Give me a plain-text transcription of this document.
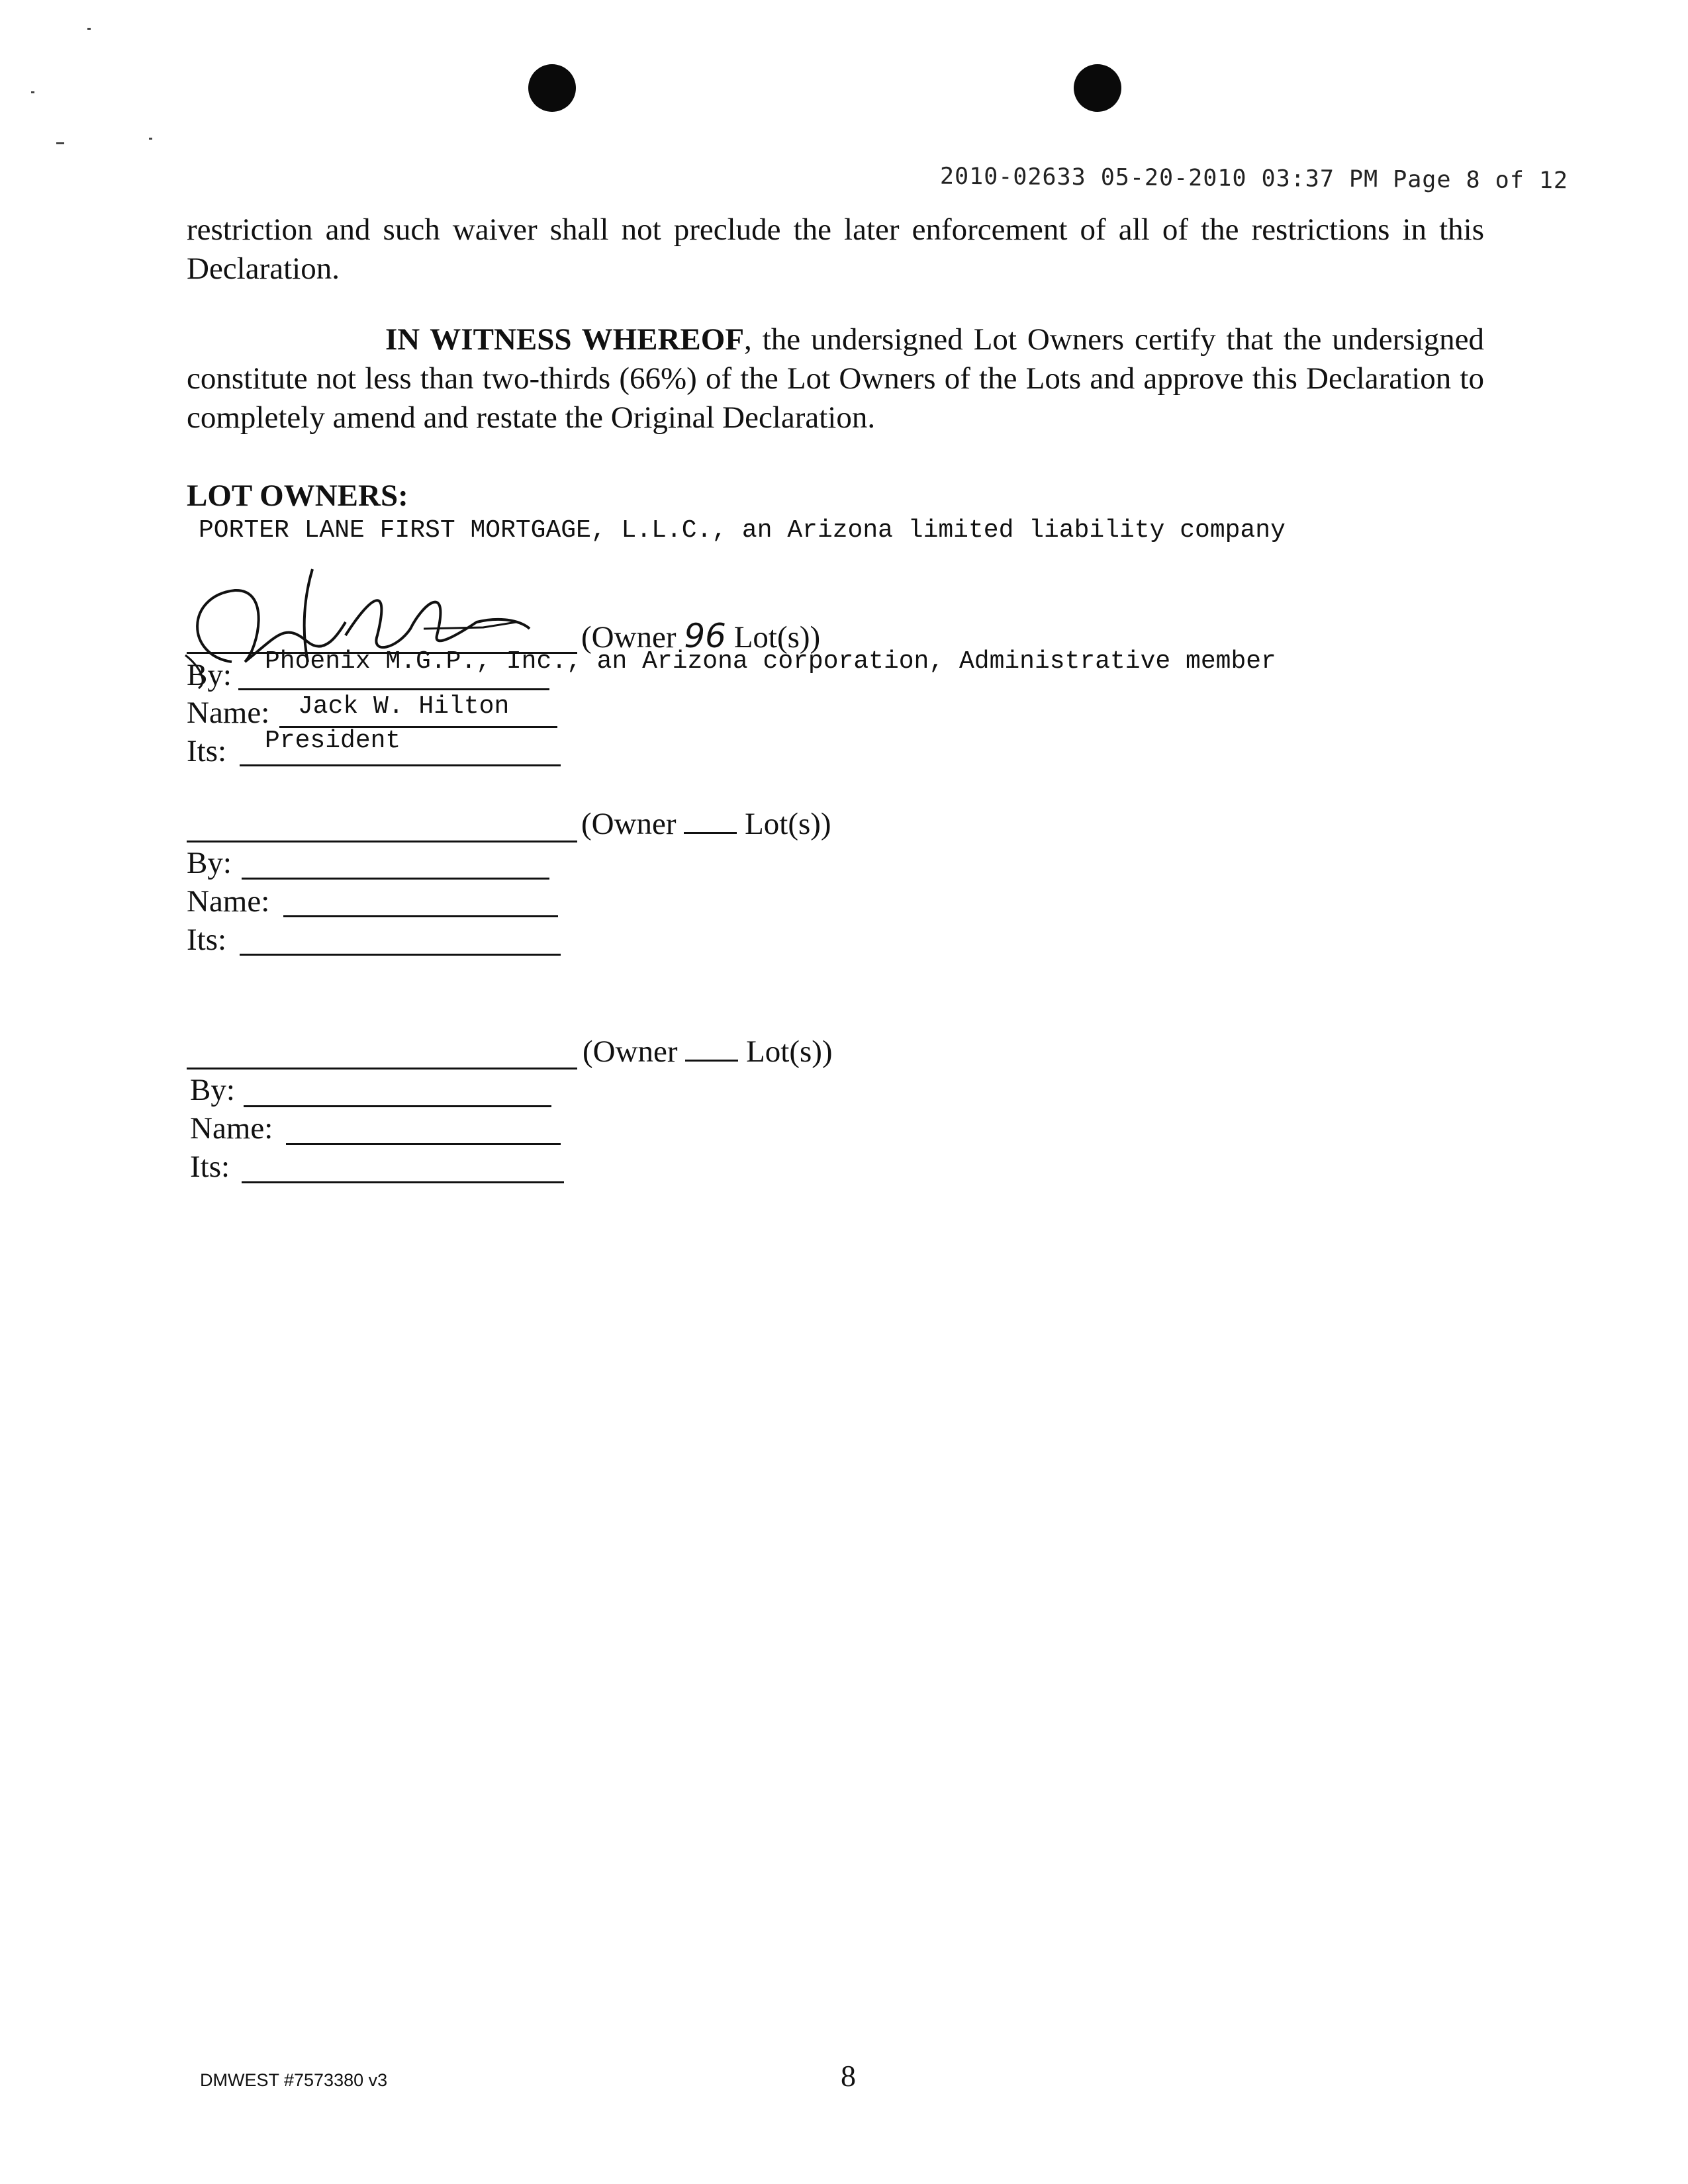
2010-02633 05-20-2010 03:37 PM Page 8 of 12
restriction and such waiver shall not preclude the later enforcement of all of the restrictions in this Declaration.
IN WITNESS WHEREOF, the undersigned Lot Owners certify that the undersigned constitute not less than two-thirds (66%) of the Lot Owners of the Lots and approve this Declaration to completely amend and restate the Original Declaration.
LOT OWNERS:
PORTER LANE FIRST MORTGAGE, L.L.C., an Arizona limited liability company
(Owner 96 Lot(s))
By: Phoenix M.G.P., Inc., an Arizona corporation, Administrative member
Name: Jack W. Hilton
Its: President
(Owner Lot(s))
By:
Name:
Its:
(Owner Lot(s))
By:
Name:
Its:
DMWEST #7573380 v3	8
